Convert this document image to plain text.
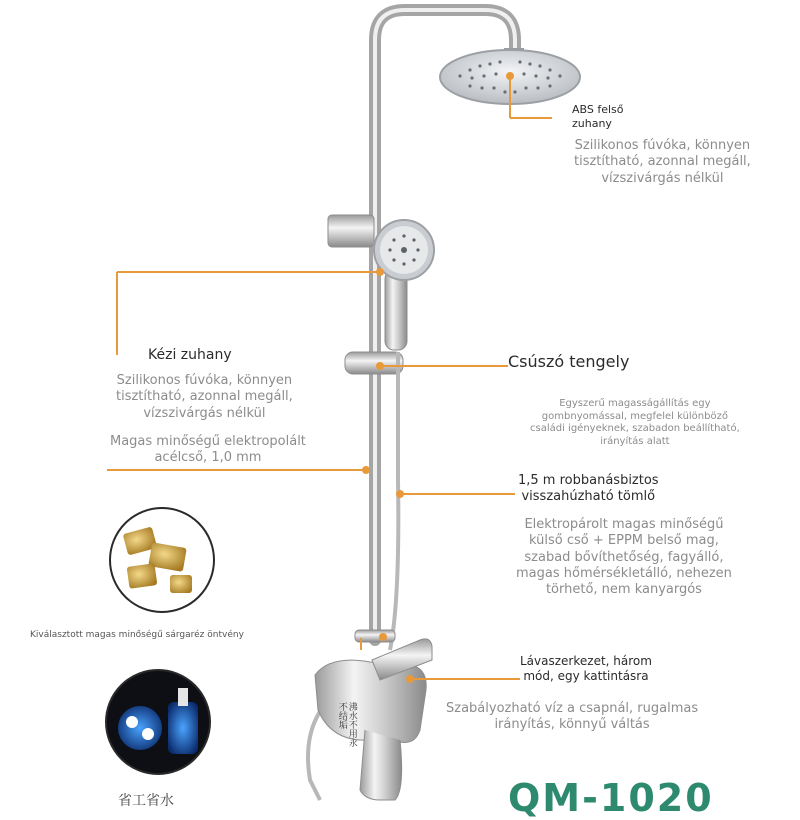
ABS felső
zuhany
Szilikonos fúvóka, könnyen
tisztítható, azonnal megáll,
vízszivárgás nélkül
Kézi zuhany
Szilikonos fúvóka, könnyen
tisztítható, azonnal megáll,
vízszivárgás nélkül
Magas minőségű elektropolált
acélcső, 1,0 mm
Csúszó tengely
Egyszerű magasságállítás egy
gombnyomással, megfelel különböző
családi igényeknek, szabadon beállítható,
irányítás alatt
1,5 m robbanásbiztos
visszahúzható tömlő
Elektropárolt magas minőségű
külső cső + EPPM belső mag,
szabad bővíthetőség, fagyálló,
magas hőmérsékletálló, nehezen
törhető, nem kanyargós
Lávaszerkezet, három
mód, egy kattintásra
Szabályozható víz a csapnál, rugalmas
irányítás, könnyű váltás
Kiválasztott magas minőségű sárgaréz öntvény
沸水不用永不结垢
QM-1020
省工省水
